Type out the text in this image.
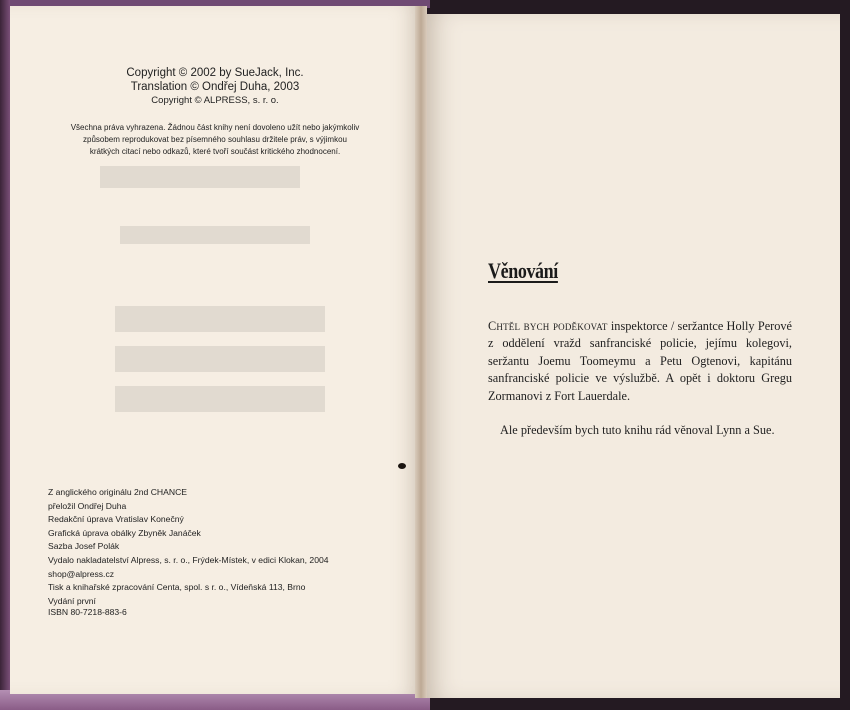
Copyright © 2002 by SueJack, Inc.
Translation © Ondřej Duha, 2003
Copyright © ALPRESS, s. r. o.
Všechna práva vyhrazena. Žádnou část knihy není dovoleno užít nebo jakýmkoliv
způsobem reprodukovat bez písemného souhlasu držitele práv, s výjimkou
krátkých citací nebo odkazů, které tvoří součást kritického zhodnocení.
Z anglického originálu 2nd CHANCE
přeložil Ondřej Duha
Redakční úprava Vratislav Konečný
Grafická úprava obálky Zbyněk Janáček
Sazba Josef Polák
Vydalo nakladatelství Alpress, s. r. o., Frýdek-Místek, v edici Klokan, 2004
shop@alpress.cz
Tisk a knihařské zpracování Centa, spol. s r. o., Vídeňská 113, Brno
Vydání první
ISBN 80-7218-883-6
Věnování

Chtěl bych poděkovat inspektorce / seržantce Holly Perové z oddělení vražd sanfranciské policie, jejímu kolegovi, seržantu Joemu Toomeymu a Petu Ogtenovi, kapitánu sanfranciské policie ve výslužbě. A opět i doktoru Gregu Zormanovi z Fort Lauerdale.

Ale především bych tuto knihu rád věnoval Lynn a Sue.
